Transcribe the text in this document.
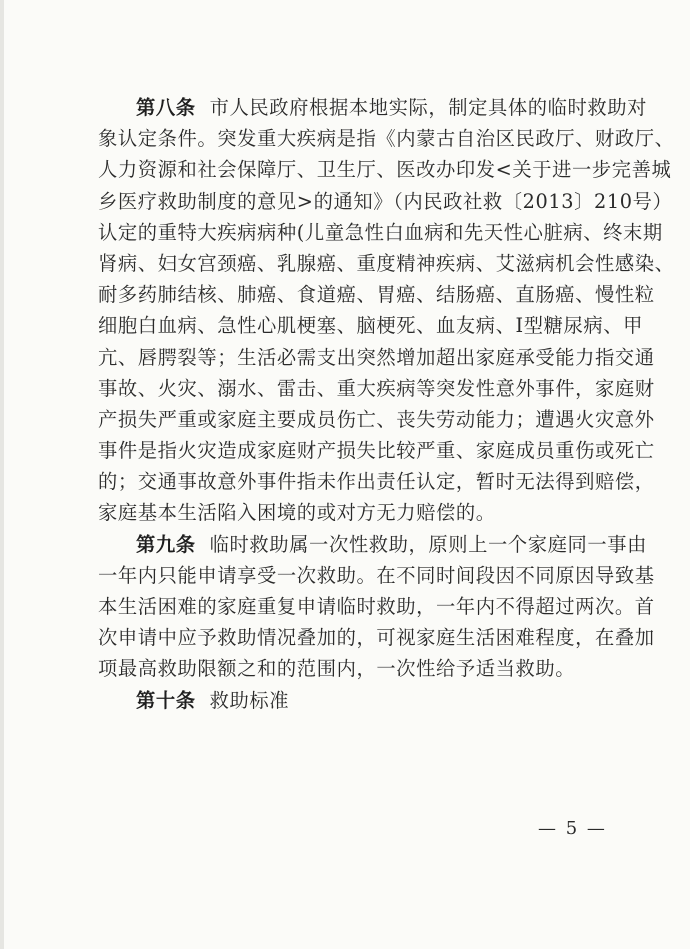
第八条 市人民政府根据本地实际，制定具体的临时救助对
象认定条件。突发重大疾病是指《内蒙古自治区民政厅、财政厅、
人力资源和社会保障厅、卫生厅、医改办印发<关于进一步完善城
乡医疗救助制度的意见>的通知》（内民政社救〔2013〕210号）
认定的重特大疾病病种(儿童急性白血病和先天性心脏病、终末期
肾病、妇女宫颈癌、乳腺癌、重度精神疾病、艾滋病机会性感染、
耐多药肺结核、肺癌、食道癌、胃癌、结肠癌、直肠癌、慢性粒
细胞白血病、急性心肌梗塞、脑梗死、血友病、I型糖尿病、甲
亢、唇腭裂等；生活必需支出突然增加超出家庭承受能力指交通
事故、火灾、溺水、雷击、重大疾病等突发性意外事件，家庭财
产损失严重或家庭主要成员伤亡、丧失劳动能力；遭遇火灾意外
事件是指火灾造成家庭财产损失比较严重、家庭成员重伤或死亡
的；交通事故意外事件指未作出责任认定，暂时无法得到赔偿，
家庭基本生活陷入困境的或对方无力赔偿的。
第九条 临时救助属一次性救助，原则上一个家庭同一事由
一年内只能申请享受一次救助。在不同时间段因不同原因导致基
本生活困难的家庭重复申请临时救助，一年内不得超过两次。首
次申请中应予救助情况叠加的，可视家庭生活困难程度，在叠加
项最高救助限额之和的范围内，一次性给予适当救助。
第十条 救助标准
— 5 —
